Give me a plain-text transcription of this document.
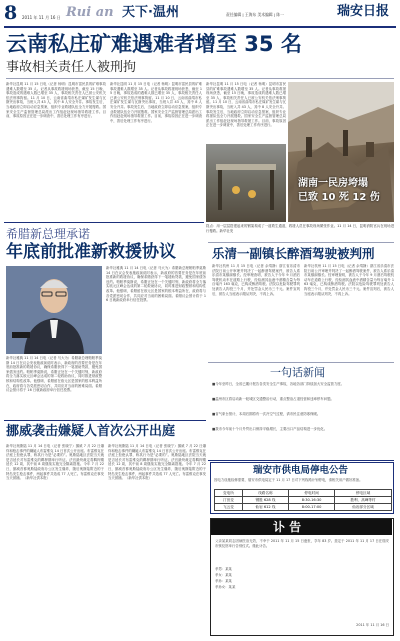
8 2011 年 11 月 16 日 Rui an 天下·温州	责任编辑 | 王海东 美术编辑 | 陈一	瑞安日报
云南私庄矿难遇难者增至 35 名
事故相关责任人被刑拘
新华社昆明 11 月 15 日电（记者 杨明）昆明市富民县的矿难事故遇难人数增至 35 人。记者从事故救援现场获悉，截至 15 日晚，事故造成的遇难人数已增至 35 人，事故相关责任人已被公安机关依法刑事拘留。11 月 10 日，云南省曲靖市私庄煤矿发生煤与瓦斯突出事故，当班入井 43 人，其中 8 人安全升井。事故发生后，当地政府立即启动应急预案，组织专业救援队伍全力开展搜救。国家安全生产监督管理总局派出工作组赶赴现场指导救援工作。目前，事故原因正在进一步调查中，善后处理工作有序进行。
新华社昆明 11 月 15 日电（记者 杨明）昆明市富民县的矿难事故遇难人数增至 35 人。记者从事故救援现场获悉，截至 15 日晚，事故造成的遇难人数已增至 35 人，事故相关责任人已被公安机关依法刑事拘留。11 月 10 日，云南省曲靖市私庄煤矿发生煤与瓦斯突出事故，当班入井 43 人，其中 8 人安全升井。事故发生后，当地政府立即启动应急预案，组织专业救援队伍全力开展搜救。国家安全生产监督管理总局派出工作组赶赴现场指导救援工作。目前，事故原因正在进一步调查中，善后处理工作有序进行。
新华社昆明 11 月 15 日电（记者 杨明）昆明市富民县的矿难事故遇难人数增至 35 人。记者从事故救援现场获悉，截至 15 日晚，事故造成的遇难人数已增至 35 人，事故相关责任人已被公安机关依法刑事拘留。11 月 10 日，云南省曲靖市私庄煤矿发生煤与瓦斯突出事故，当班入井 43 人，其中 8 人安全升井。事故发生后，当地政府立即启动应急预案，组织专业救援队伍全力开展搜救。国家安全生产监督管理总局派出工作组赶赴现场指导救援工作。目前，事故原因正在进一步调查中，善后处理工作有序进行。
湖南一民房垮塌
已致 10 死 12 伤
拐点：用一层层搭建起来的钢架构成了一道救生通道，救援人员在事故现场紧张作业。11 月 14 日，昆明消防官兵在现场进行搜救。新华社发
希腊新总理承诺
年底前批准新救援协议
新华社雅典 11 月 14 日电（记者 马大为）希腊新总理帕帕季莫斯 14 日在议会发表施政演说时表示，新政府的首要任务是在年底前批准新的救援协议，确保希腊获得下一笔援助贷款，避免国家债务违约。帕帕季莫斯说，希腊正处在一个关键时刻，新政府将全力落实欧元区峰会达成的第二轮救助协议，同时推进财政整顿和结构性改革。他强调，希腊留在欧元区是国家的根本利益所在，政府将与各党派密切合作，共同应对当前的困难局面。希腊议会预计将于 16 日就新政府举行信任投票。
新华社雅典 11 月 14 日电（记者 马大为）希腊新总理帕帕季莫斯 14 日在议会发表施政演说时表示，新政府的首要任务是在年底前批准新的救援协议，确保希腊获得下一笔援助贷款，避免国家债务违约。帕帕季莫斯说，希腊正处在一个关键时刻，新政府将全力落实欧元区峰会达成的第二轮救助协议，同时推进财政整顿和结构性改革。他强调，希腊留在欧元区是国家的根本利益所在，政府将与各党派密切合作，共同应对当前的困难局面。希腊议会预计将于 16 日就新政府举行信任投票。
乐清一副镇长醉酒驾驶被判刑
新华社杭州 11 月 15 日电（记者 余靖静）浙江省乐清市法院日前公开审理并判决了一起醉酒驾驶案件，被告人系乐清市某镇副镇长。经审理查明，被告人于今年 9 月酒后驾驶机动车在道路上行驶，经检测其血液中酒精含量为每百毫升 163 毫克，已构成醉酒驾驶。法院以危险驾驶罪判处被告人拘役三个月，并处罚金人民币三千元。案件宣判后，被告人当庭表示服从判决，不再上诉。
新华社杭州 11 月 15 日电（记者 余靖静）浙江省乐清市法院日前公开审理并判决了一起醉酒驾驶案件，被告人系乐清市某镇副镇长。经审理查明，被告人于今年 9 月酒后驾驶机动车在道路上行驶，经检测其血液中酒精含量为每百毫升 163 毫克，已构成醉酒驾驶。法院以危险驾驶罪判处被告人拘役三个月，并处罚金人民币三千元。案件宣判后，被告人当庭表示服从判决，不再上诉。
一句话新闻
■今年至昨日，全省已累计报告各类安全生产事故，各地各部门持续加大安全监管力度。
■温州市区将启动新一轮城区交通整治行动，重点整治占道经营和违章停车问题。
■省气象台预计，本周后期将有一次冷空气过程，请市民注意防寒保暖。
■我市今年前十个月外贸出口保持平稳增长，主要出口产品结构进一步优化。
挪威袭击嫌疑人首次公开出庭
新华社奥斯陆 11 月 14 日电（记者 张晓宁）挪威 7 月 22 日爆炸和枪击事件的嫌疑人布雷维克 14 日首次公开出庭。布雷维克在法庭上拒绝认罪，称其行为是“必要的”。奥斯陆地区法院当天就是否延长对布雷维克的羁押期举行听证。法官最终裁定将羁押期延长 12 周，其中前 8 周继续实施完全隔离措施。今年 7 月 22 日，挪威首都奥斯陆政府办公区发生爆炸，随后奥斯陆附近的于特岛发生枪击事件，两起事件共造成 77 人死亡。布雷维克在事发当天被捕。（新华社供本报）
新华社奥斯陆 11 月 14 日电（记者 张晓宁）挪威 7 月 22 日爆炸和枪击事件的嫌疑人布雷维克 14 日首次公开出庭。布雷维克在法庭上拒绝认罪，称其行为是“必要的”。奥斯陆地区法院当天就是否延长对布雷维克的羁押期举行听证。法官最终裁定将羁押期延长 12 周，其中前 8 周继续实施完全隔离措施。今年 7 月 22 日，挪威首都奥斯陆政府办公区发生爆炸，随后奥斯陆附近的于特岛发生枪击事件，两起事件共造成 77 人死亡。布雷维克在事发当天被捕。（新华社供本报）
瑞安市供电局停电公告
因电力设施检修需要，瑞安市供电局定于 11 月 17 日对下列线路计划停电，请相关用户做好准备。
变电所	线路名称	停电时间	停电区域
汀田变	钢胜 628 线	8:30-16:30	胜利、高峰等村
飞云变	仙岩 612 线	8:00-17:00	仙岩部分区域
讣 告
父亲某某同志因病医治无效，不幸于 2011 年 11 月 15 日逝世，享年 83 岁。兹定于 2011 年 11 月 17 日在瑞安市殡仪馆举行告别仪式。谨此讣告。
孝男：某某
孝女：某某
孝孙：某某
孝孙女：某某
2011 年 11 月 16 日
